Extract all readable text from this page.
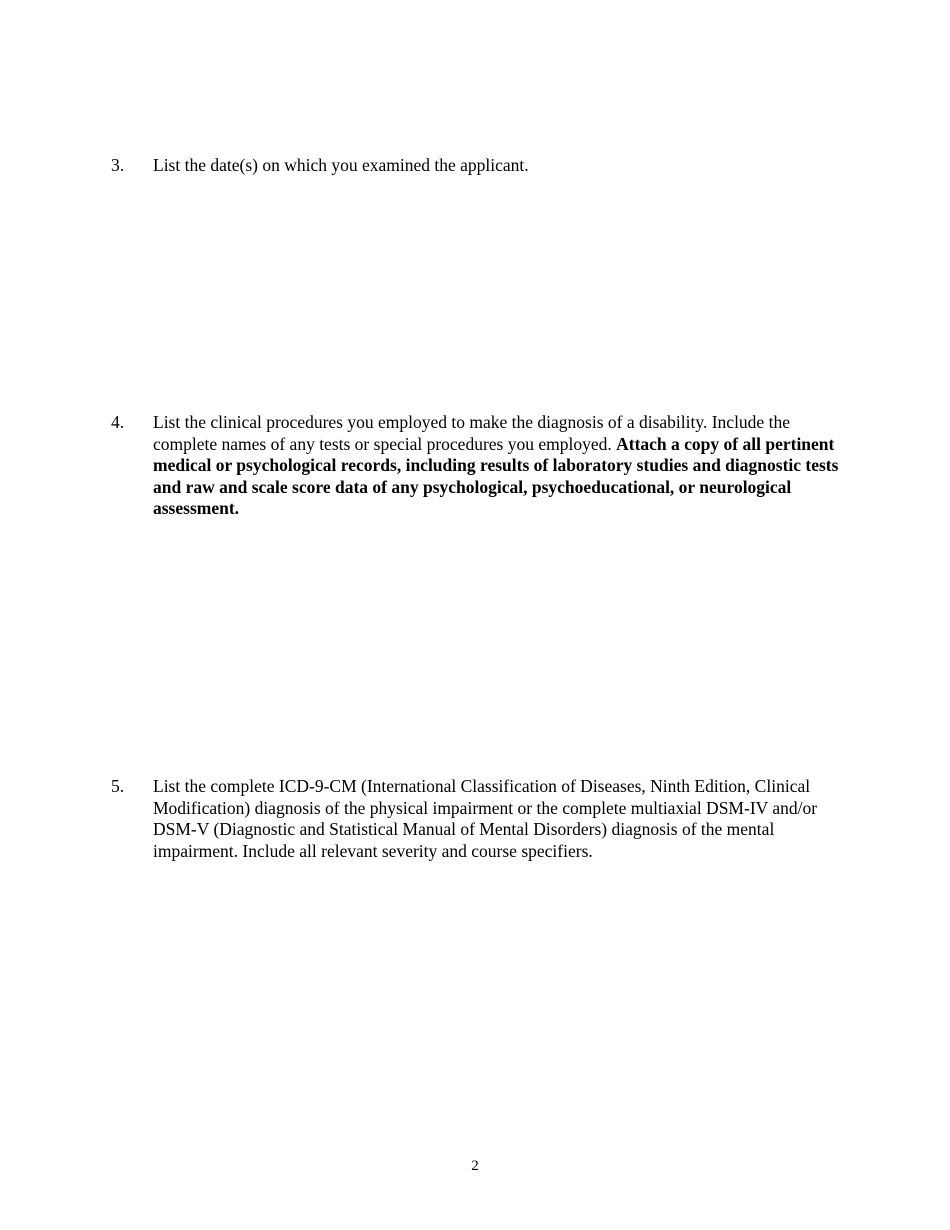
3. List the date(s) on which you examined the applicant.
4. List the clinical procedures you employed to make the diagnosis of a disability. Include the complete names of any tests or special procedures you employed. Attach a copy of all pertinent medical or psychological records, including results of laboratory studies and diagnostic tests and raw and scale score data of any psychological, psychoeducational, or neurological assessment.
5. List the complete ICD-9-CM (International Classification of Diseases, Ninth Edition, Clinical Modification) diagnosis of the physical impairment or the complete multiaxial DSM-IV and/or DSM-V (Diagnostic and Statistical Manual of Mental Disorders) diagnosis of the mental impairment. Include all relevant severity and course specifiers.
2
